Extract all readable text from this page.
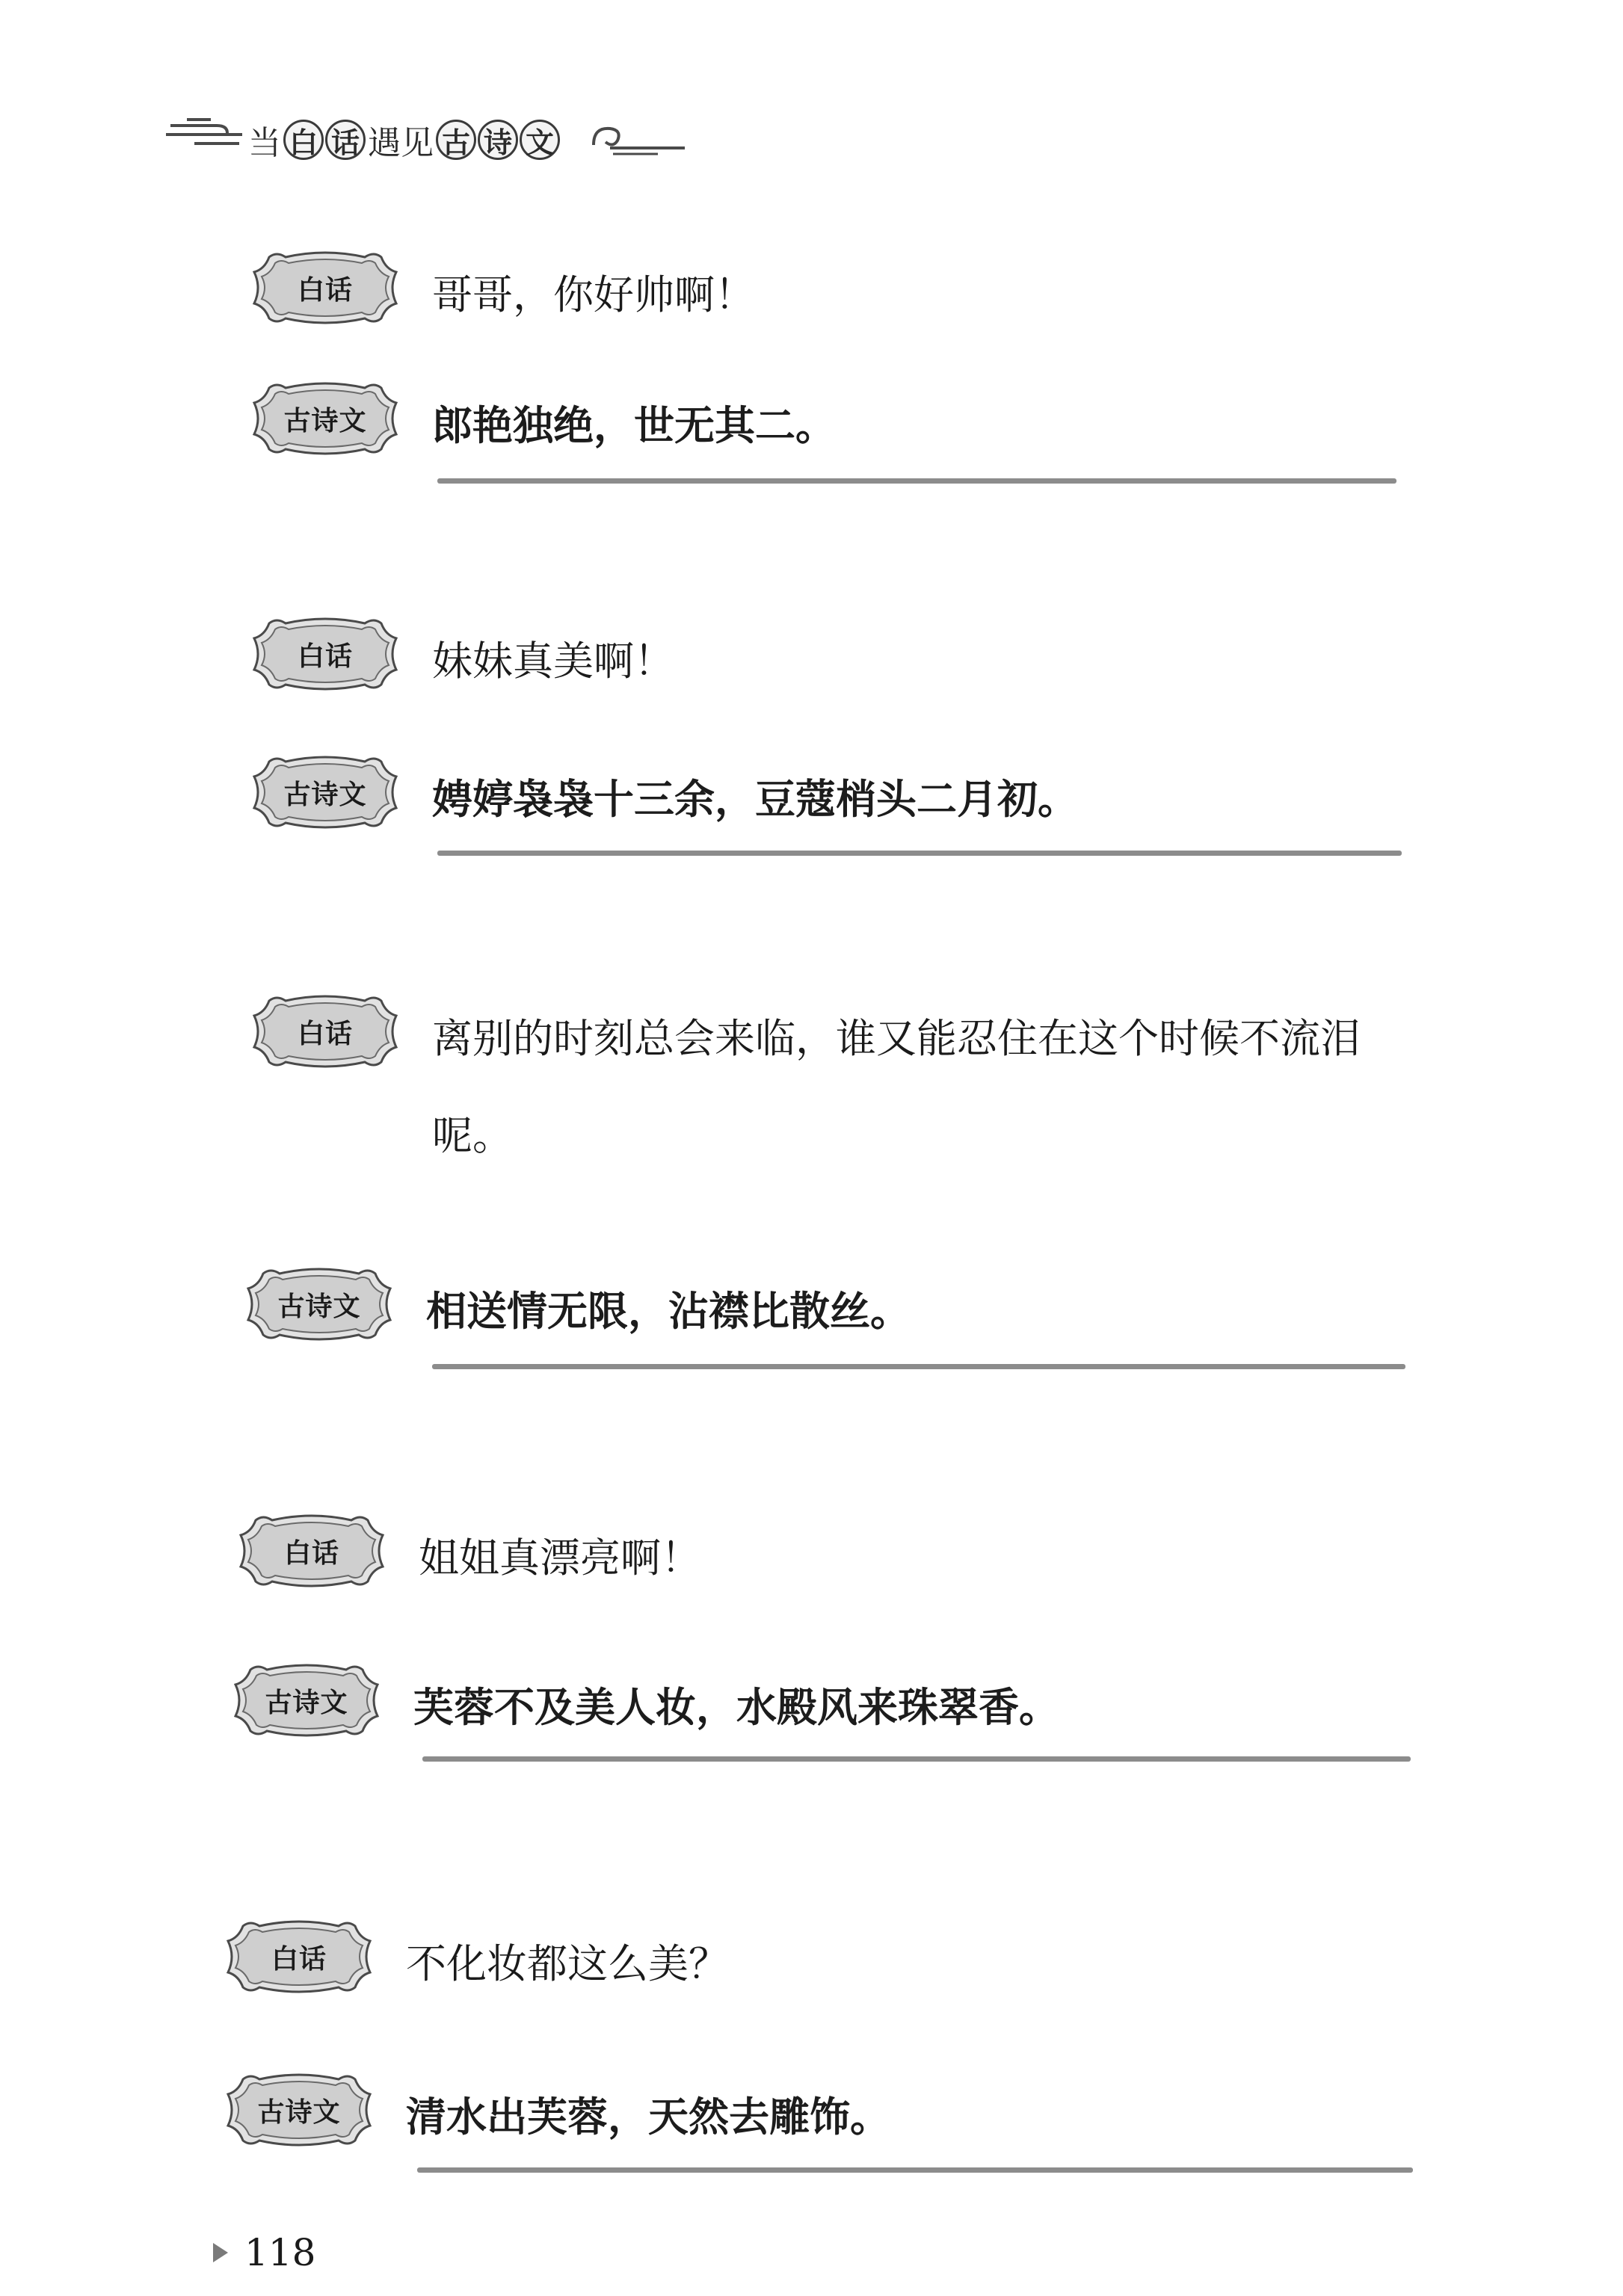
当 白 话 遇见 古 诗 文
白话	哥哥，你好帅啊！
古诗文	郎艳独绝，世无其二。
白话	妹妹真美啊！
古诗文	娉婷袅袅十三余，豆蔻梢头二月初。
白话	离别的时刻总会来临，谁又能忍住在这个时候不流泪呢。
古诗文	相送情无限，沾襟比散丝。
白话	姐姐真漂亮啊！
古诗文	芙蓉不及美人妆，水殿风来珠翠香。
白话	不化妆都这么美？
古诗文	清水出芙蓉，天然去雕饰。
118
